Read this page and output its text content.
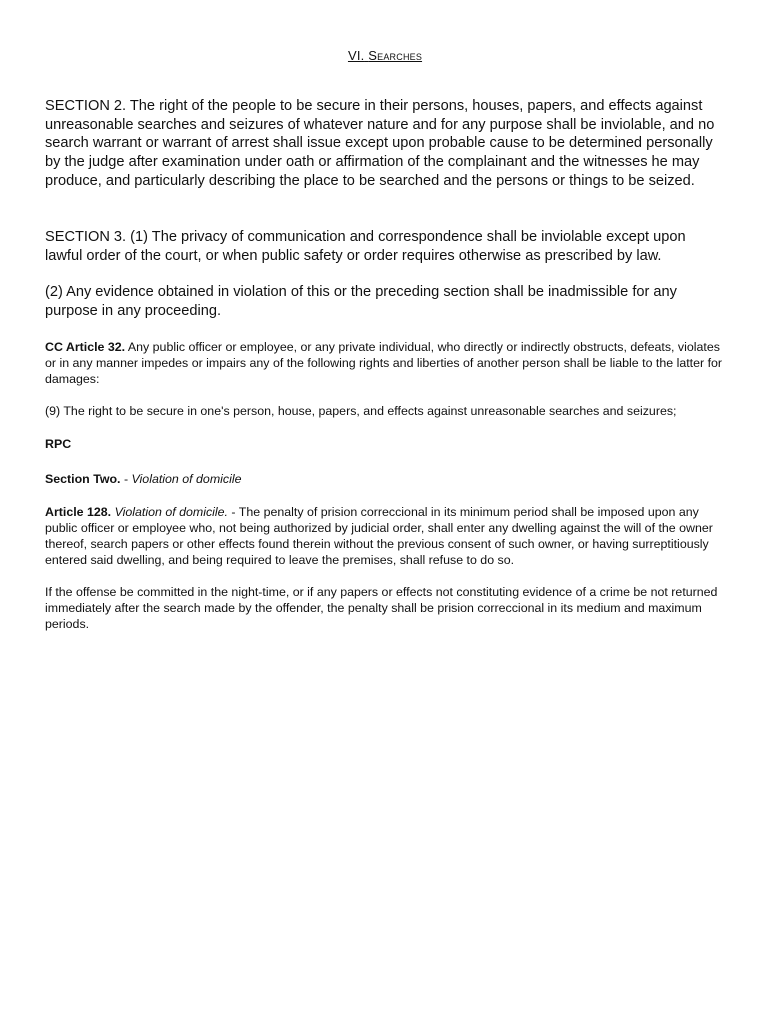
VI. Searches

SECTION 2. The right of the people to be secure in their persons, houses, papers, and effects against unreasonable searches and seizures of whatever nature and for any purpose shall be inviolable, and no search warrant or warrant of arrest shall issue except upon probable cause to be determined personally by the judge after examination under oath or affirmation of the complainant and the witnesses he may produce, and particularly describing the place to be searched and the persons or things to be seized.

SECTION 3. (1) The privacy of communication and correspondence shall be inviolable except upon lawful order of the court, or when public safety or order requires otherwise as prescribed by law.

(2) Any evidence obtained in violation of this or the preceding section shall be inadmissible for any purpose in any proceeding.

CC Article 32. Any public officer or employee, or any private individual, who directly or indirectly obstructs, defeats, violates or in any manner impedes or impairs any of the following rights and liberties of another person shall be liable to the latter for damages:

(9) The right to be secure in one's person, house, papers, and effects against unreasonable searches and seizures;

RPC

Section Two. - Violation of domicile

Article 128. Violation of domicile. - The penalty of prision correccional in its minimum period shall be imposed upon any public officer or employee who, not being authorized by judicial order, shall enter any dwelling against the will of the owner thereof, search papers or other effects found therein without the previous consent of such owner, or having surreptitiously entered said dwelling, and being required to leave the premises, shall refuse to do so.

If the offense be committed in the night-time, or if any papers or effects not constituting evidence of a crime be not returned immediately after the search made by the offender, the penalty shall be prision correccional in its medium and maximum periods.
